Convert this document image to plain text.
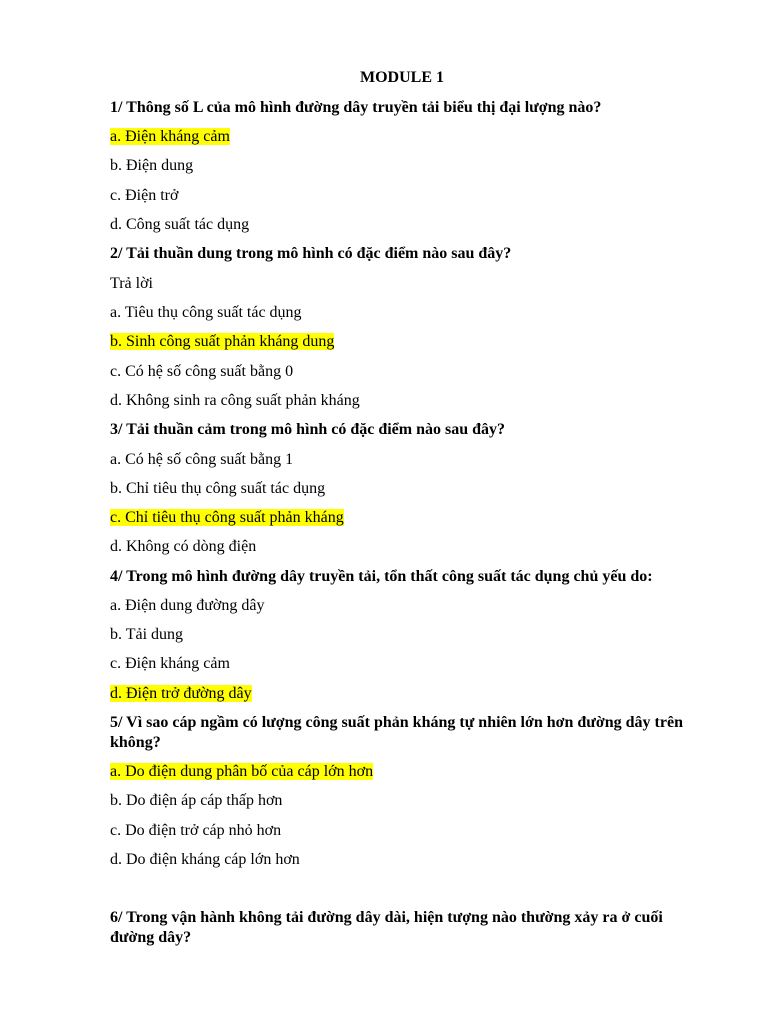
MODULE 1
1/ Thông số L của mô hình đường dây truyền tải biểu thị đại lượng nào?
a. Điện kháng cảm
b. Điện dung
c. Điện trở
d. Công suất tác dụng
2/ Tải thuần dung trong mô hình có đặc điểm nào sau đây?
Trả lời
a. Tiêu thụ công suất tác dụng
b. Sinh công suất phản kháng dung
c. Có hệ số công suất bằng 0
d. Không sinh ra công suất phản kháng
3/ Tải thuần cảm trong mô hình có đặc điểm nào sau đây?
a. Có hệ số công suất bằng 1
b. Chỉ tiêu thụ công suất tác dụng
c. Chỉ tiêu thụ công suất phản kháng
d. Không có dòng điện
4/ Trong mô hình đường dây truyền tải, tổn thất công suất tác dụng chủ yếu do:
a. Điện dung đường dây
b. Tải dung
c. Điện kháng cảm
d. Điện trở đường dây
5/ Vì sao cáp ngầm có lượng công suất phản kháng tự nhiên lớn hơn đường dây trên không?
a. Do điện dung phân bố của cáp lớn hơn
b. Do điện áp cáp thấp hơn
c. Do điện trở cáp nhỏ hơn
d. Do điện kháng cáp lớn hơn
6/ Trong vận hành không tải đường dây dài, hiện tượng nào thường xảy ra ở cuối đường dây?
